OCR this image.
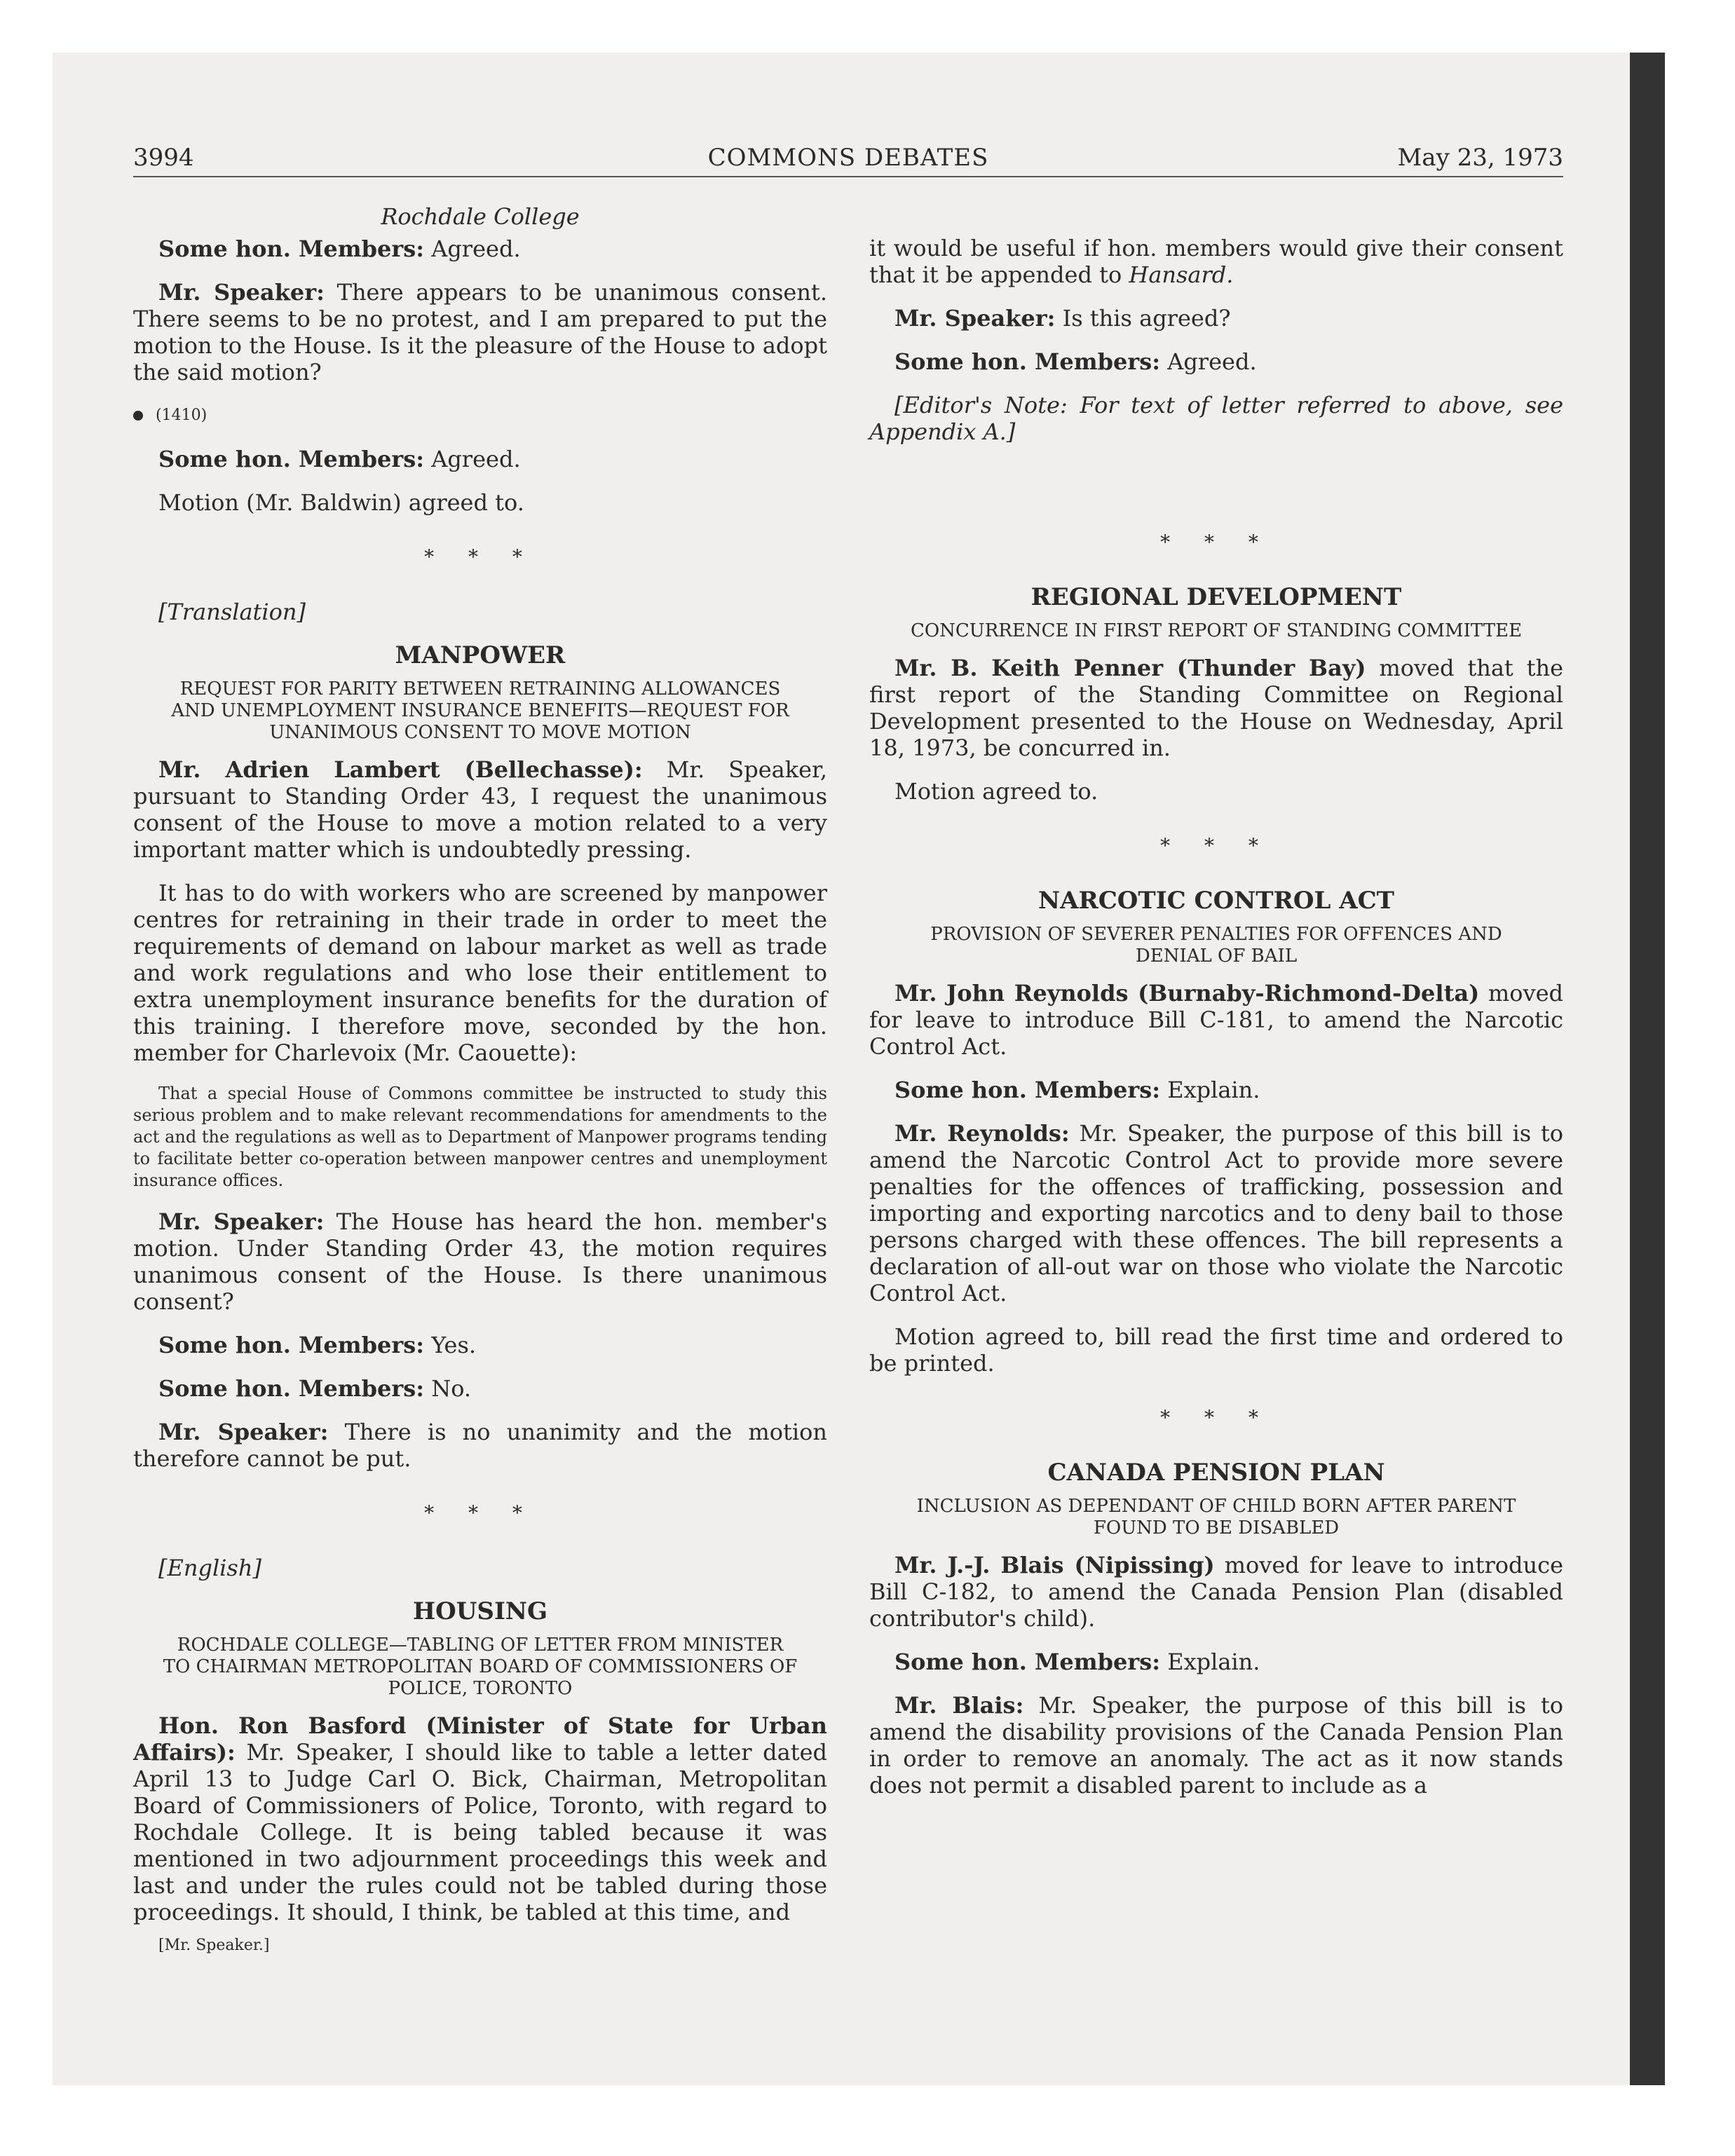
COMMONS DEBATES
3994	May 23, 1973

Rochdale College

Some hon. Members: Agreed.

Mr. Speaker: There appears to be unanimous consent. There seems to be no protest, and I am prepared to put the motion to the House. Is it the pleasure of the House to adopt the said motion?

(1410)

Some hon. Members: Agreed.

Motion (Mr. Baldwin) agreed to.

* * *

[Translation]

MANPOWER
REQUEST FOR PARITY BETWEEN RETRAINING ALLOWANCES AND UNEMPLOYMENT INSURANCE BENEFITS—REQUEST FOR UNANIMOUS CONSENT TO MOVE MOTION

Mr. Adrien Lambert (Bellechasse): Mr. Speaker, pursuant to Standing Order 43, I request the unanimous consent of the House to move a motion related to a very important matter which is undoubtedly pressing.

It has to do with workers who are screened by manpower centres for retraining in their trade in order to meet the requirements of demand on labour market as well as trade and work regulations and who lose their entitlement to extra unemployment insurance benefits for the duration of this training. I therefore move, seconded by the hon. member for Charlevoix (Mr. Caouette):

That a special House of Commons committee be instructed to study this serious problem and to make relevant recommendations for amendments to the act and the regulations as well as to Department of Manpower programs tending to facilitate better co-operation between manpower centres and unemployment insurance offices.

Mr. Speaker: The House has heard the hon. member's motion. Under Standing Order 43, the motion requires unanimous consent of the House. Is there unanimous consent?

Some hon. Members: Yes.

Some hon. Members: No.

Mr. Speaker: There is no unanimity and the motion therefore cannot be put.

* * *

[English]

HOUSING
ROCHDALE COLLEGE—TABLING OF LETTER FROM MINISTER TO CHAIRMAN METROPOLITAN BOARD OF COMMISSIONERS OF POLICE, TORONTO

Hon. Ron Basford (Minister of State for Urban Affairs): Mr. Speaker, I should like to table a letter dated April 13 to Judge Carl O. Bick, Chairman, Metropolitan Board of Commissioners of Police, Toronto, with regard to Rochdale College. It is being tabled because it was mentioned in two adjournment proceedings this week and last and under the rules could not be tabled during those proceedings. It should, I think, be tabled at this time, and

[Mr. Speaker.]

it would be useful if hon. members would give their consent that it be appended to Hansard.

Mr. Speaker: Is this agreed?

Some hon. Members: Agreed.

[Editor's Note: For text of letter referred to above, see Appendix A.]

* * *
REGIONAL DEVELOPMENT
CONCURRENCE IN FIRST REPORT OF STANDING COMMITTEE

Mr. B. Keith Penner (Thunder Bay) moved that the first report of the Standing Committee on Regional Development presented to the House on Wednesday, April 18, 1973, be concurred in.

Motion agreed to.

* * *
NARCOTIC CONTROL ACT
PROVISION OF SEVERER PENALTIES FOR OFFENCES AND DENIAL OF BAIL

Mr. John Reynolds (Burnaby-Richmond-Delta) moved for leave to introduce Bill C-181, to amend the Narcotic Control Act.

Some hon. Members: Explain.

Mr. Reynolds: Mr. Speaker, the purpose of this bill is to amend the Narcotic Control Act to provide more severe penalties for the offences of trafficking, possession and importing and exporting narcotics and to deny bail to those persons charged with these offences. The bill represents a declaration of all-out war on those who violate the Narcotic Control Act.

Motion agreed to, bill read the first time and ordered to be printed.

* * *
CANADA PENSION PLAN
INCLUSION AS DEPENDANT OF CHILD BORN AFTER PARENT FOUND TO BE DISABLED

Mr. J.-J. Blais (Nipissing) moved for leave to introduce Bill C-182, to amend the Canada Pension Plan (disabled contributor's child).

Some hon. Members: Explain.

Mr. Blais: Mr. Speaker, the purpose of this bill is to amend the disability provisions of the Canada Pension Plan in order to remove an anomaly. The act as it now stands does not permit a disabled parent to include as a
